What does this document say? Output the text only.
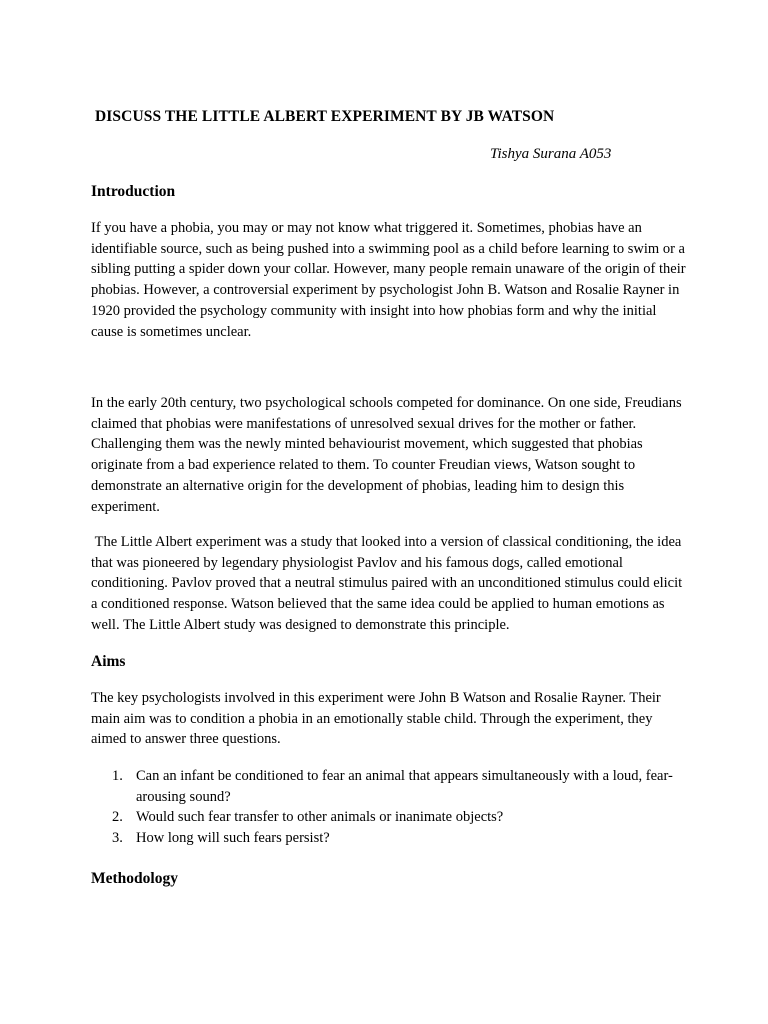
DISCUSS THE LITTLE ALBERT EXPERIMENT BY JB WATSON
Tishya Surana A053
Introduction

If you have a phobia, you may or may not know what triggered it. Sometimes, phobias have an identifiable source, such as being pushed into a swimming pool as a child before learning to swim or a sibling putting a spider down your collar. However, many people remain unaware of the origin of their phobias. However, a controversial experiment by psychologist John B. Watson and Rosalie Rayner in 1920 provided the psychology community with insight into how phobias form and why the initial cause is sometimes unclear.

In the early 20th century, two psychological schools competed for dominance. On one side, Freudians claimed that phobias were manifestations of unresolved sexual drives for the mother or father. Challenging them was the newly minted behaviourist movement, which suggested that phobias originate from a bad experience related to them. To counter Freudian views, Watson sought to demonstrate an alternative origin for the development of phobias, leading him to design this experiment.

The Little Albert experiment was a study that looked into a version of classical conditioning, the idea that was pioneered by legendary physiologist Pavlov and his famous dogs, called emotional conditioning. Pavlov proved that a neutral stimulus paired with an unconditioned stimulus could elicit a conditioned response. Watson believed that the same idea could be applied to human emotions as well. The Little Albert study was designed to demonstrate this principle.

Aims

The key psychologists involved in this experiment were John B Watson and Rosalie Rayner. Their main aim was to condition a phobia in an emotionally stable child. Through the experiment, they aimed to answer three questions.

1. Can an infant be conditioned to fear an animal that appears simultaneously with a loud, fear-arousing sound?
2. Would such fear transfer to other animals or inanimate objects?
3. How long will such fears persist?
Methodology
